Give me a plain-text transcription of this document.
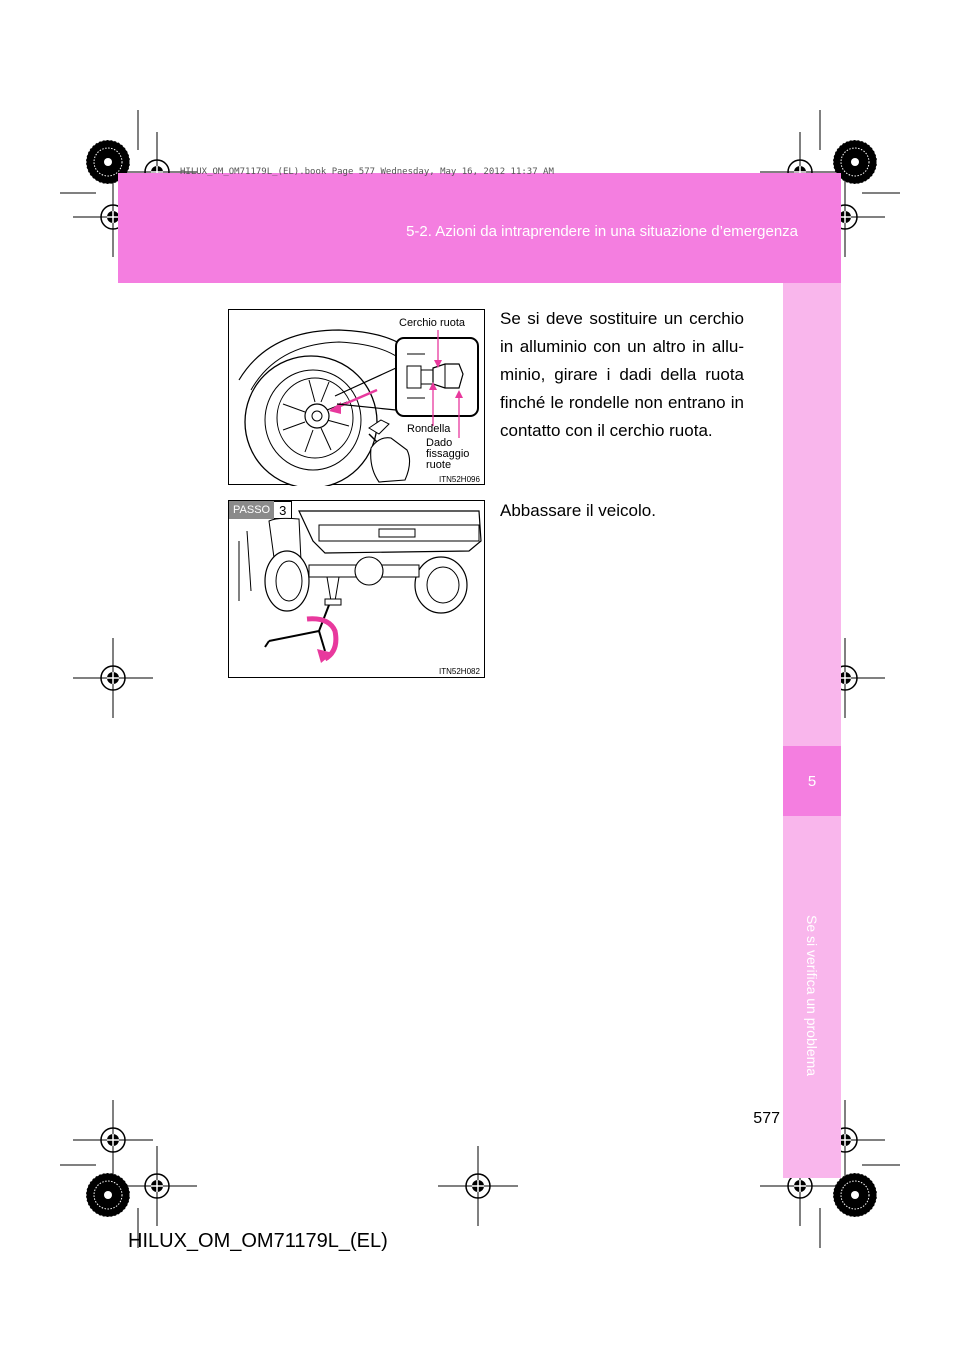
5-2. Azioni da intraprendere in una situazione d’emergenza
HILUX_OM_OM71179L_(EL).book Page 577 Wednesday, May 16, 2012 11:37 AM
5
Se si verifica un problema
Cerchio ruota
Rondella
Dado
fissaggio
ruote
ITN52H096
Se si deve sostituire un cerchio in alluminio con un altro in allu-minio, girare i dadi della ruota finché le rondelle non entrano in contatto con il cerchio ruota.
PASSO 3
ITN52H082
Abbassare il veicolo.
577
HILUX_OM_OM71179L_(EL)
